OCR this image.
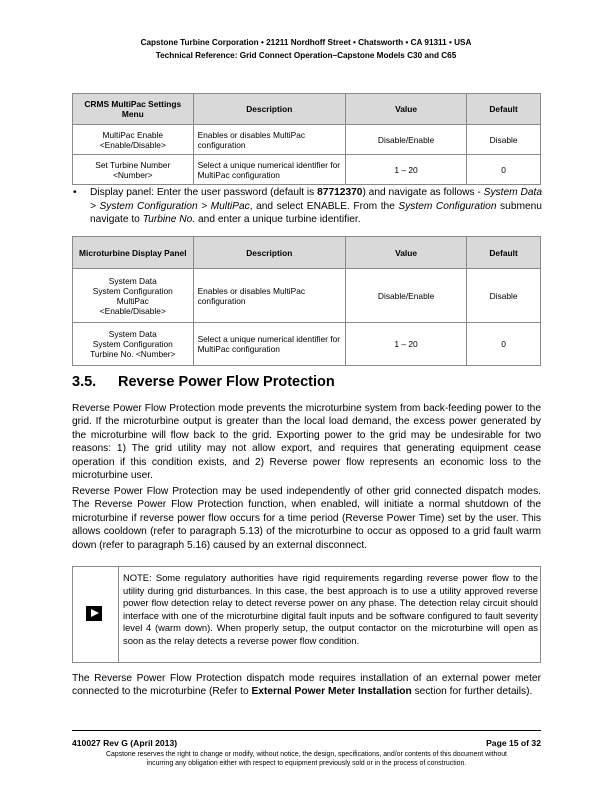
Capstone Turbine Corporation • 21211 Nordhoff Street • Chatsworth • CA 91311 • USA
Technical Reference: Grid Connect Operation–Capstone Models C30 and C65
CRMS MultiPac Settings Menu	Description	Value	Default

MultiPac Enable
<Enable/Disable>	Enables or disables MultiPac configuration	Disable/Enable	Disable

Set Turbine Number
<Number>	Select a unique numerical identifier for MultiPac configuration	1 – 20	0
• Display panel: Enter the user password (default is 87712370) and navigate as follows - System Data > System Configuration > MultiPac, and select ENABLE. From the System Configuration submenu navigate to Turbine No. and enter a unique turbine identifier.
Microturbine Display Panel	Description	Value	Default

System Data
System Configuration
MultiPac
<Enable/Disable>	Enables or disables MultiPac configuration	Disable/Enable	Disable

System Data
System Configuration
Turbine No. <Number>	Select a unique numerical identifier for MultiPac configuration	1 – 20	0
3.5. Reverse Power Flow Protection

Reverse Power Flow Protection mode prevents the microturbine system from back-feeding power to the grid. If the microturbine output is greater than the local load demand, the excess power generated by the microturbine will flow back to the grid. Exporting power to the grid may be undesirable for two reasons: 1) The grid utility may not allow export, and requires that generating equipment cease operation if this condition exists, and 2) Reverse power flow represents an economic loss to the microturbine user.

Reverse Power Flow Protection may be used independently of other grid connected dispatch modes. The Reverse Power Flow Protection function, when enabled, will initiate a normal shutdown of the microturbine if reverse power flow occurs for a time period (Reverse Power Time) set by the user. This allows cooldown (refer to paragraph 5.13) of the microturbine to occur as opposed to a grid fault warm down (refer to paragraph 5.16) caused by an external disconnect.

NOTE: Some regulatory authorities have rigid requirements regarding reverse power flow to the utility during grid disturbances. In this case, the best approach is to use a utility approved reverse power flow detection relay to detect reverse power on any phase. The detection relay circuit should interface with one of the microturbine digital fault inputs and be software configured to fault severity level 4 (warm down). When properly setup, the output contactor on the microturbine will open as soon as the relay detects a reverse power flow condition.

The Reverse Power Flow Protection dispatch mode requires installation of an external power meter connected to the microturbine (Refer to External Power Meter Installation section for further details).

410027 Rev G (April 2013)	Page 15 of 32
Capstone reserves the right to change or modify, without notice, the design, specifications, and/or contents of this document without
incurring any obligation either with respect to equipment previously sold or in the process of construction.
